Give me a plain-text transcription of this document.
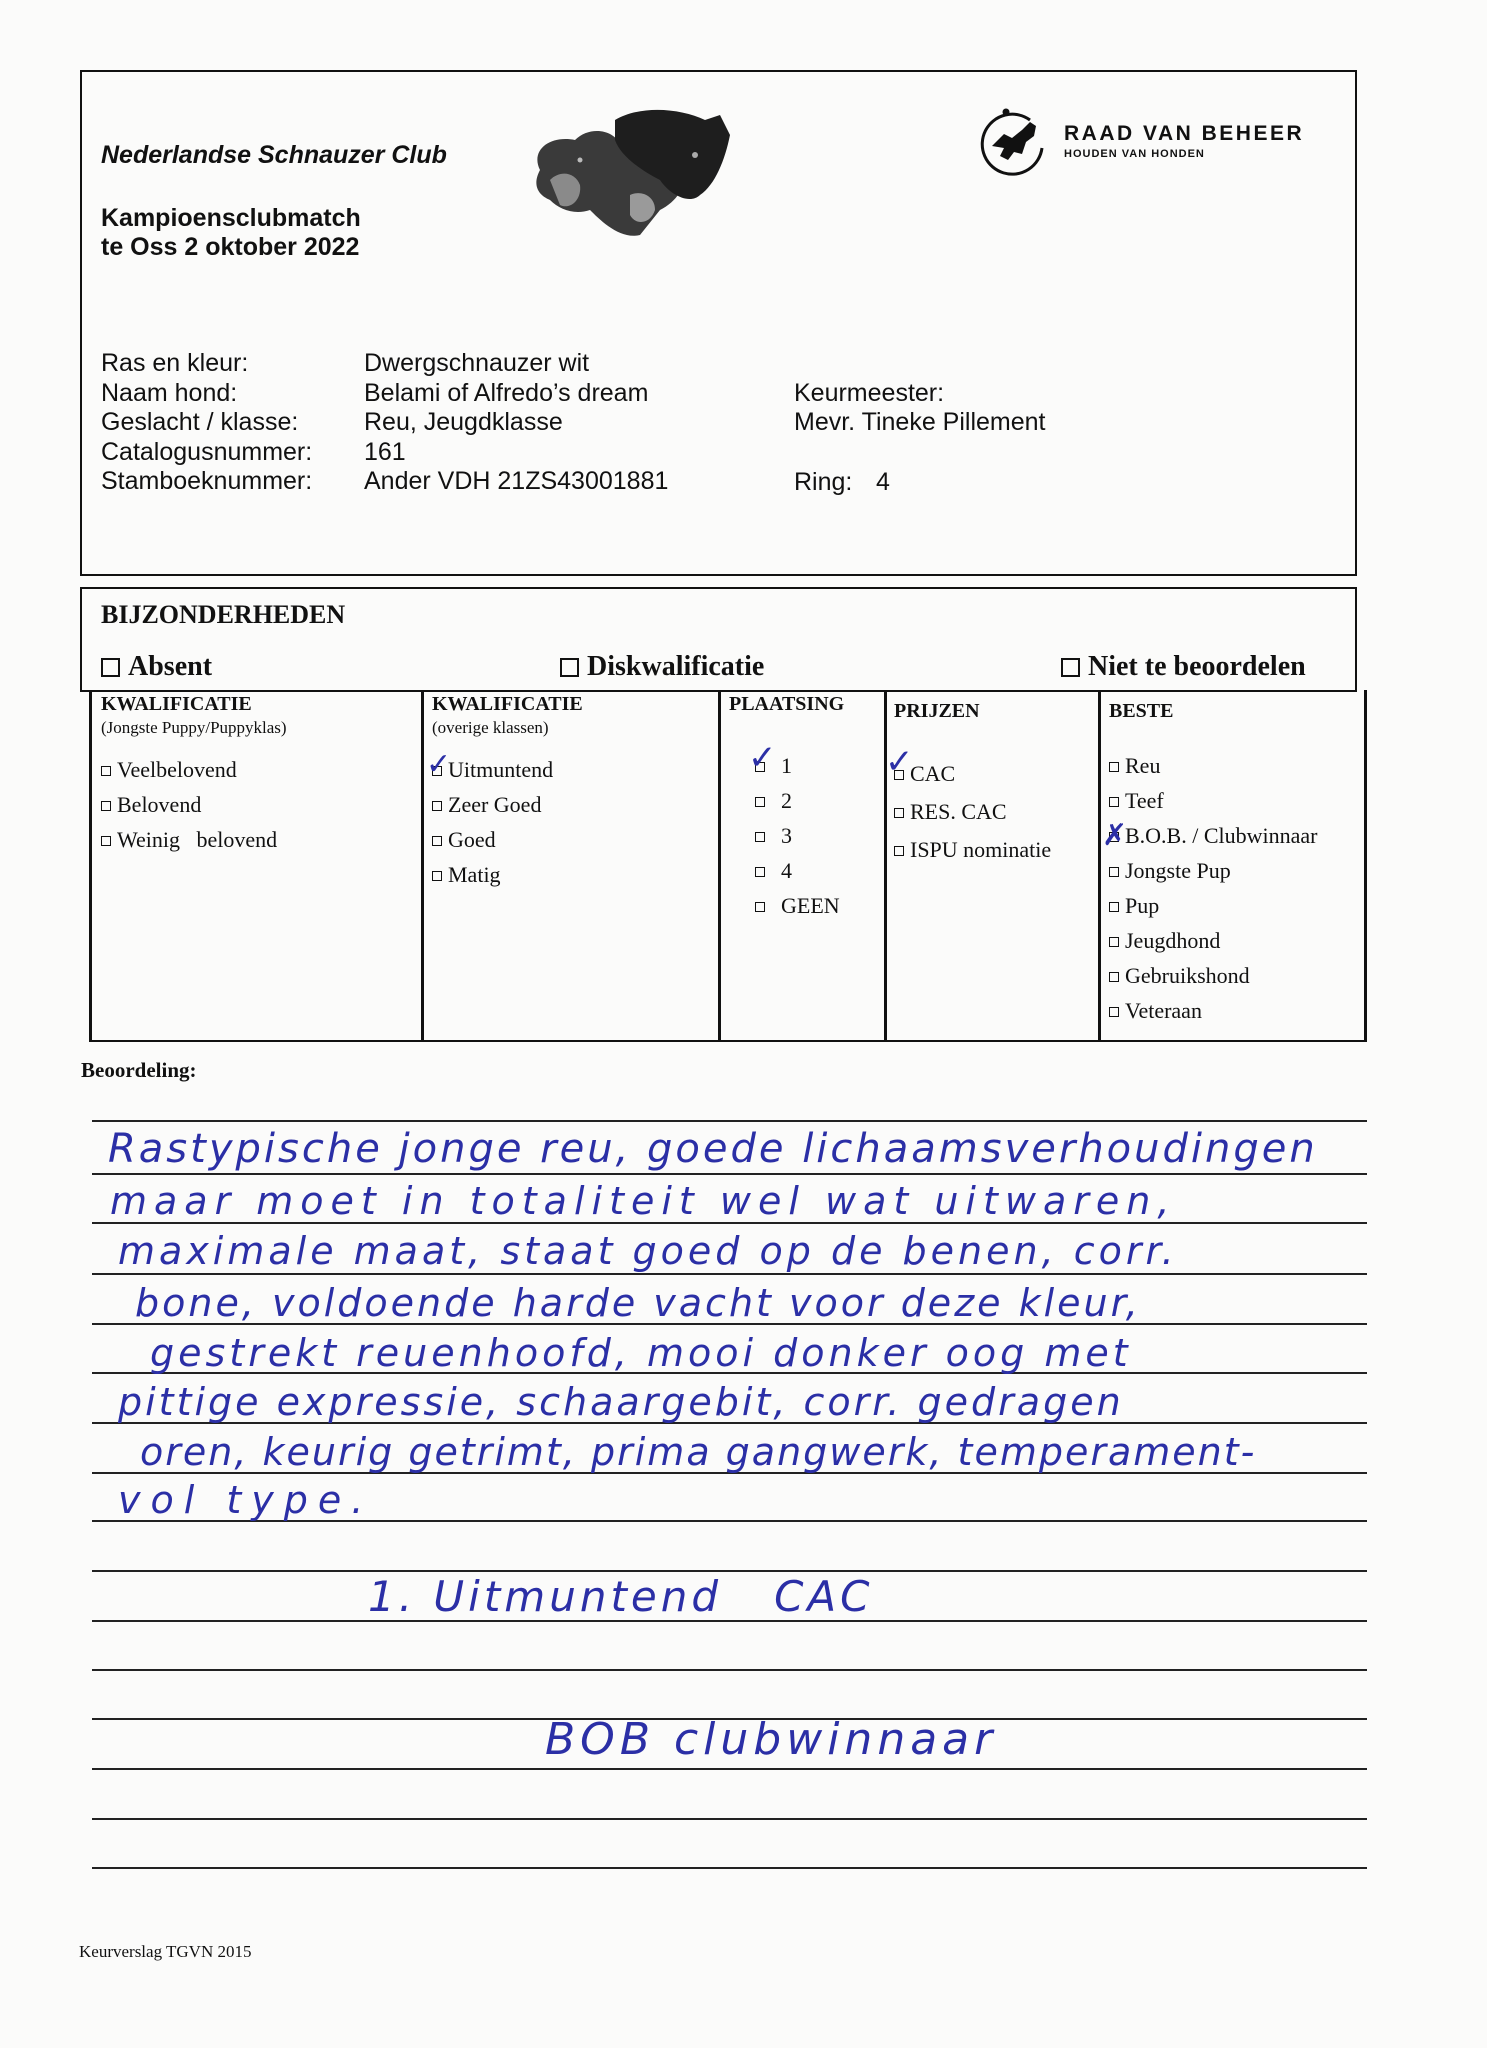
Nederlandse Schnauzer Club
Kampioensclubmatch
te Oss 2 oktober 2022
RAAD VAN BEHEER
HOUDEN VAN HONDEN
Ras en kleur:
Naam hond:
Geslacht / klasse:
Catalogusnummer:
Stamboeknummer:
Dwergschnauzer wit
Belami of Alfredo’s dream
Reu, Jeugdklasse
161
Ander VDH 21ZS43001881
Keurmeester:
Mevr. Tineke Pillement
Ring: 4
BIJZONDERHEDEN
Absent	Diskwalificatie	Niet te beoordelen
KWALIFICATIE
(Jongste Puppy/Puppyklas)
Veelbelovend
Belovend
Weinig   belovend
KWALIFICATIE
(overige klassen)
Uitmuntend
Zeer Goed
Goed
Matig
✓
PLAATSING
1
2
3
4
GEEN
✓
PRIJZEN
CAC
RES. CAC
ISPU nominatie
✓
BESTE
Reu
Teef
B.O.B. / Clubwinnaar
Jongste Pup
Pup
Jeugdhond
Gebruikshond
Veteraan
✗
Beoordeling:
Rastypische jonge reu, goede lichaamsverhoudingen
maar moet in totaliteit wel wat uitwaren,
maximale maat, staat goed op de benen, corr.
bone, voldoende harde vacht voor deze kleur,
gestrekt reuenhoofd, mooi donker oog met
pittige expressie, schaargebit, corr. gedragen
oren, keurig getrimt, prima gangwerk, temperament-
vol type.
1. Uitmuntend   CAC
BOB clubwinnaar
Keurverslag TGVN 2015
